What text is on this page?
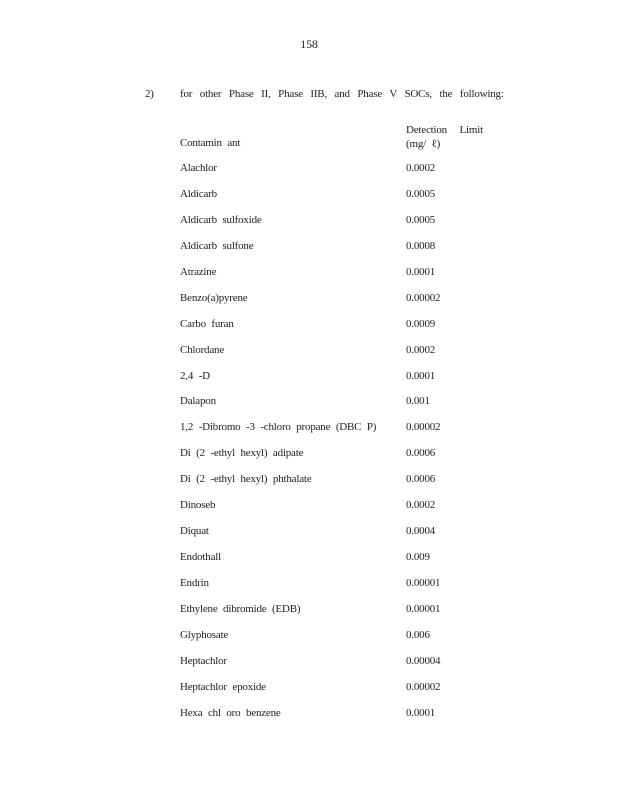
158
2) for other Phase II, Phase IIB, and Phase V SOCs, the following:
Contamin ant
Detection Limit
(mg/ ℓ)
Alachlor	0.0002
Aldicarb	0.0005
Aldicarb sulfoxide	0.0005
Aldicarb sulfone	0.0008
Atrazine	0.0001
Benzo(a)pyrene	0.00002
Carbo furan	0.0009
Chlordane	0.0002
2,4 -D	0.0001
Dalapon	0.001
1,2 -Dibromo -3 -chloro propane (DBC P)	0.00002
Di (2 -ethyl hexyl) adipate	0.0006
Di (2 -ethyl hexyl) phthalate	0.0006
Dinoseb	0.0002
Diquat	0.0004
Endothall	0.009
Endrin	0.00001
Ethylene dibromide (EDB)	0.00001
Glyphosate	0.006
Heptachlor	0.00004
Heptachlor epoxide	0.00002
Hexa chl oro benzene	0.0001
